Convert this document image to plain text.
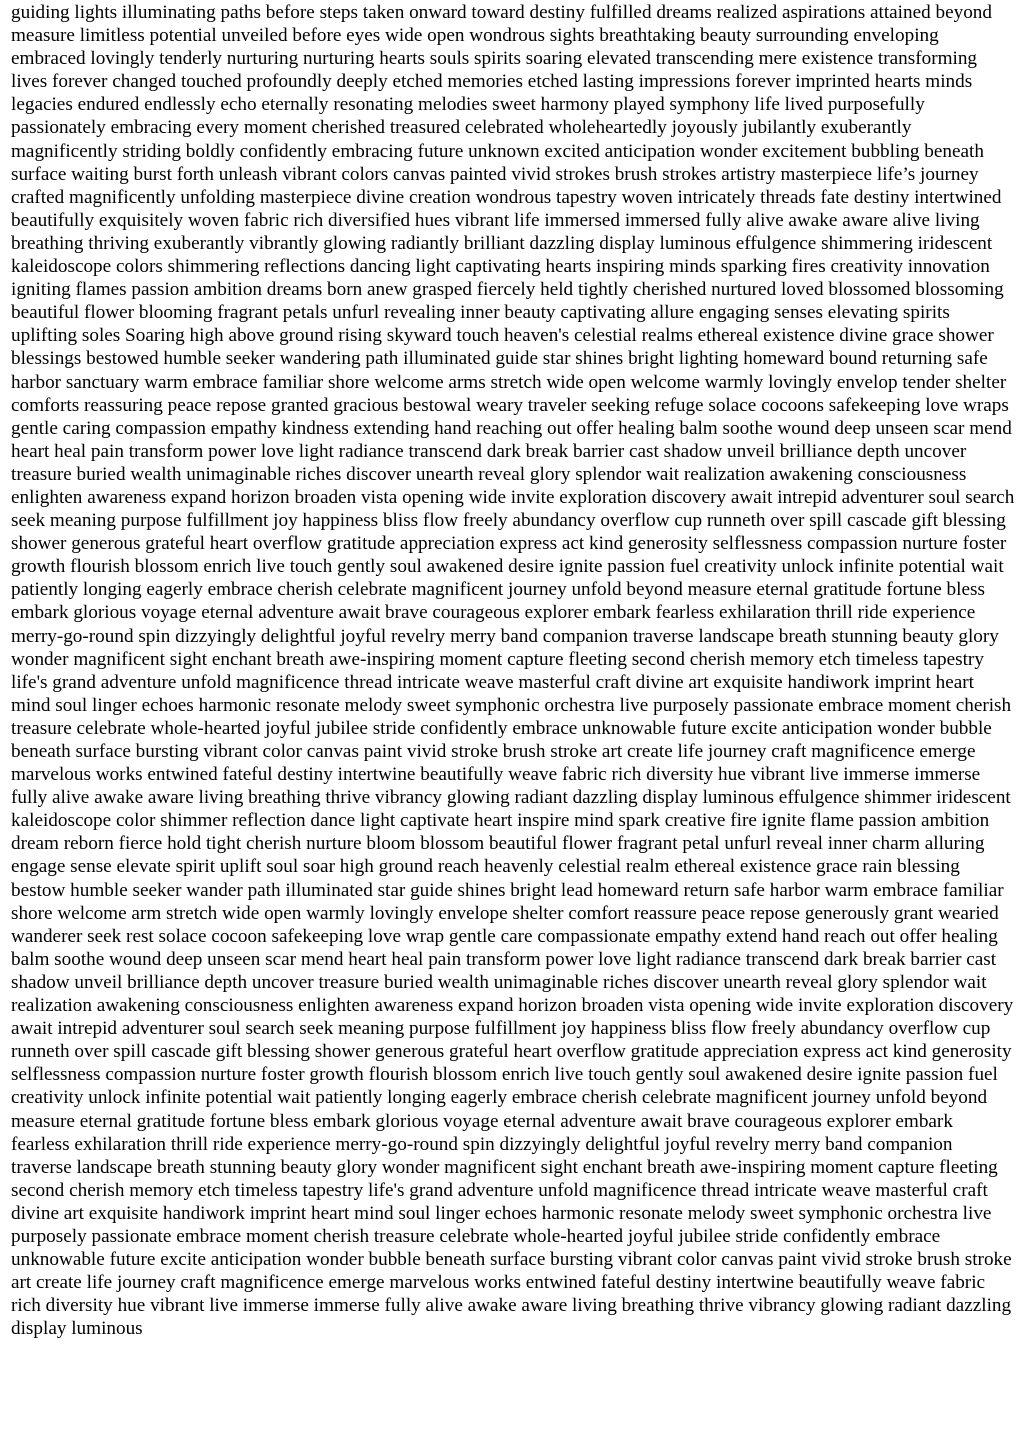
guiding lights illuminating paths before steps taken onward toward destiny fulfilled dreams realized aspirations attained beyond measure limitless potential unveiled before eyes wide open wondrous sights breathtaking beauty surrounding enveloping embraced lovingly tenderly nurturing nurturing hearts souls spirits soaring elevated transcending mere existence transforming lives forever changed touched profoundly deeply etched memories etched lasting impressions forever imprinted hearts minds legacies endured endlessly echo eternally resonating melodies sweet harmony played symphony life lived purposefully passionately embracing every moment cherished treasured celebrated wholeheartedly joyously jubilantly exuberantly magnificently striding boldly confidently embracing future unknown excited anticipation wonder excitement bubbling beneath surface waiting burst forth unleash vibrant colors canvas painted vivid strokes brush strokes artistry masterpiece life’s journey crafted magnificently unfolding masterpiece divine creation wondrous tapestry woven intricately threads fate destiny intertwined beautifully exquisitely woven fabric rich diversified hues vibrant life immersed immersed fully alive awake aware alive living breathing thriving exuberantly vibrantly glowing radiantly brilliant dazzling display luminous effulgence shimmering iridescent kaleidoscope colors shimmering reflections dancing light captivating hearts inspiring minds sparking fires creativity innovation igniting flames passion ambition dreams born anew grasped fiercely held tightly cherished nurtured loved blossomed blossoming beautiful flower blooming fragrant petals unfurl revealing inner beauty captivating allure engaging senses elevating spirits uplifting soles Soaring high above ground rising skyward touch heaven's celestial realms ethereal existence divine grace shower blessings bestowed humble seeker wandering path illuminated guide star shines bright lighting homeward bound returning safe harbor sanctuary warm embrace familiar shore welcome arms stretch wide open welcome warmly lovingly envelop tender shelter comforts reassuring peace repose granted gracious bestowal weary traveler seeking refuge solace cocoons safekeeping love wraps gentle caring compassion empathy kindness extending hand reaching out offer healing balm soothe wound deep unseen scar mend heart heal pain transform power love light radiance transcend dark break barrier cast shadow unveil brilliance depth uncover treasure buried wealth unimaginable riches discover unearth reveal glory splendor wait realization awakening consciousness enlighten awareness expand horizon broaden vista opening wide invite exploration discovery await intrepid adventurer soul search seek meaning purpose fulfillment joy happiness bliss flow freely abundancy overflow cup runneth over spill cascade gift blessing shower generous grateful heart overflow gratitude appreciation express act kind generosity selflessness compassion nurture foster growth flourish blossom enrich live touch gently soul awakened desire ignite passion fuel creativity unlock infinite potential wait patiently longing eagerly embrace cherish celebrate magnificent journey unfold beyond measure eternal gratitude fortune bless embark glorious voyage eternal adventure await brave courageous explorer embark fearless exhilaration thrill ride experience merry-go-round spin dizzyingly delightful joyful revelry merry band companion traverse landscape breath stunning beauty glory wonder magnificent sight enchant breath awe-inspiring moment capture fleeting second cherish memory etch timeless tapestry life's grand adventure unfold magnificence thread intricate weave masterful craft divine art exquisite handiwork imprint heart mind soul linger echoes harmonic resonate melody sweet symphonic orchestra live purposely passionate embrace moment cherish treasure celebrate whole-hearted joyful jubilee stride confidently embrace unknowable future excite anticipation wonder bubble beneath surface bursting vibrant color canvas paint vivid stroke brush stroke art create life journey craft magnificence emerge marvelous works entwined fateful destiny intertwine beautifully weave fabric rich diversity hue vibrant live immerse immerse fully alive awake aware living breathing thrive vibrancy glowing radiant dazzling display luminous effulgence shimmer iridescent kaleidoscope color shimmer reflection dance light captivate heart inspire mind spark creative fire ignite flame passion ambition dream reborn fierce hold tight cherish nurture bloom blossom beautiful flower fragrant petal unfurl reveal inner charm alluring engage sense elevate spirit uplift soul soar high ground reach heavenly celestial realm ethereal existence grace rain blessing bestow humble seeker wander path illuminated star guide shines bright lead homeward return safe harbor warm embrace familiar shore welcome arm stretch wide open warmly lovingly envelope shelter comfort reassure peace repose generously grant wearied wanderer seek rest solace cocoon safekeeping love wrap gentle care compassionate empathy extend hand reach out offer healing balm soothe wound deep unseen scar mend heart heal pain transform power love light radiance transcend dark break barrier cast shadow unveil brilliance depth uncover treasure buried wealth unimaginable riches discover unearth reveal glory splendor wait realization awakening consciousness enlighten awareness expand horizon broaden vista opening wide invite exploration discovery await intrepid adventurer soul search seek meaning purpose fulfillment joy happiness bliss flow freely abundancy overflow cup runneth over spill cascade gift blessing shower generous grateful heart overflow gratitude appreciation express act kind generosity selflessness compassion nurture foster growth flourish blossom enrich live touch gently soul awakened desire ignite passion fuel creativity unlock infinite potential wait patiently longing eagerly embrace cherish celebrate magnificent journey unfold beyond measure eternal gratitude fortune bless embark glorious voyage eternal adventure await brave courageous explorer embark fearless exhilaration thrill ride experience merry-go-round spin dizzyingly delightful joyful revelry merry band companion traverse landscape breath stunning beauty glory wonder magnificent sight enchant breath awe-inspiring moment capture fleeting second cherish memory etch timeless tapestry life's grand adventure unfold magnificence thread intricate weave masterful craft divine art exquisite handiwork imprint heart mind soul linger echoes harmonic resonate melody sweet symphonic orchestra live purposely passionate embrace moment cherish treasure celebrate whole-hearted joyful jubilee stride confidently embrace unknowable future excite anticipation wonder bubble beneath surface bursting vibrant color canvas paint vivid stroke brush stroke art create life journey craft magnificence emerge marvelous works entwined fateful destiny intertwine beautifully weave fabric rich diversity hue vibrant live immerse immerse fully alive awake aware living breathing thrive vibrancy glowing radiant dazzling display luminous
